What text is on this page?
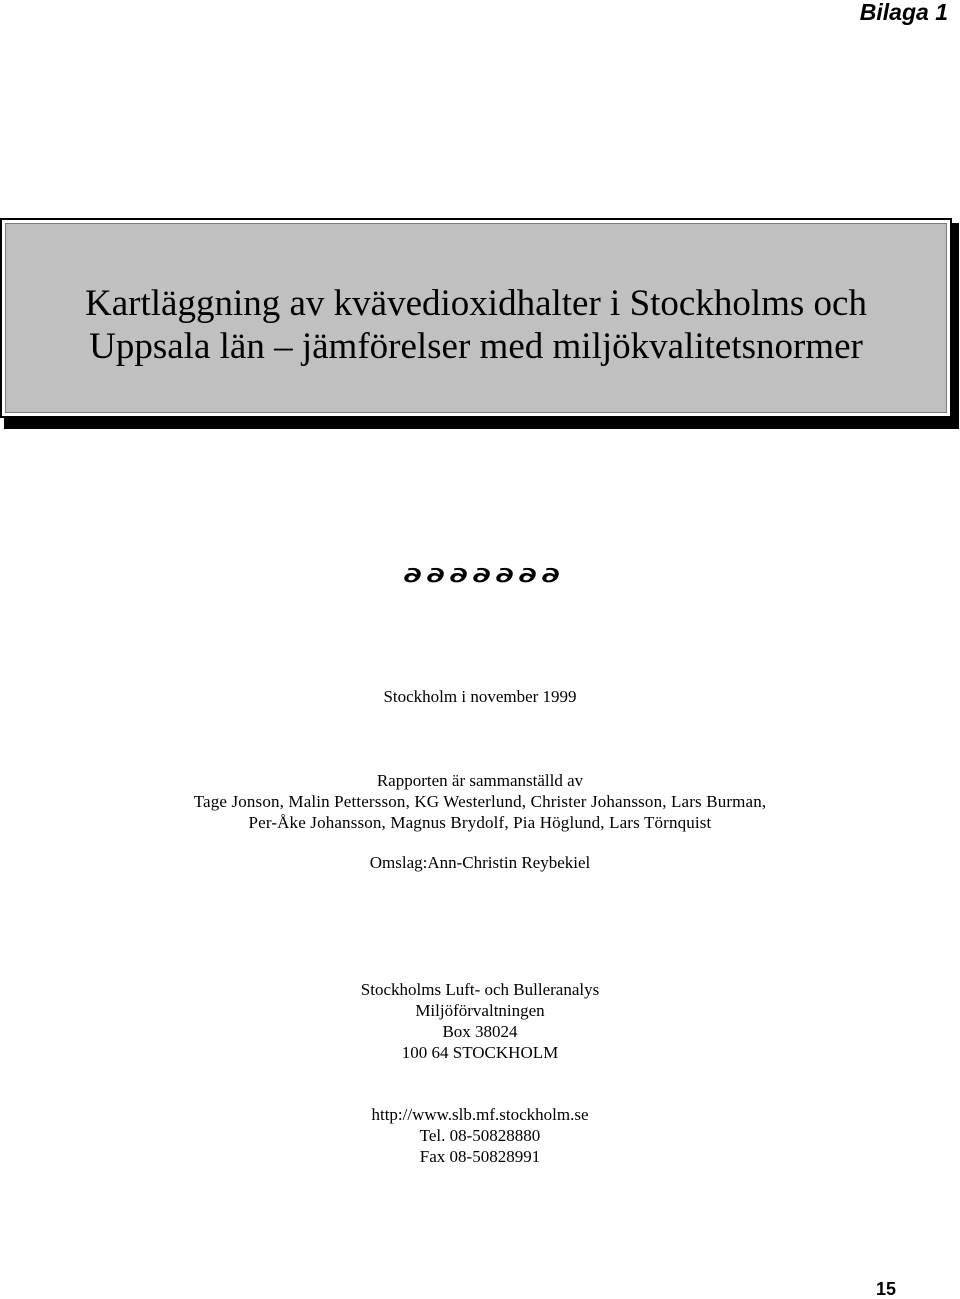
Bilaga 1
Kartläggning av kvävedioxidhalter i Stockholms och
Uppsala län – jämförelser med miljökvalitetsnormer
∂ ∂ ∂ ∂ ∂ ∂ ∂
Stockholm i november 1999
Rapporten är sammanställd av
Tage Jonson, Malin Pettersson, KG Westerlund, Christer Johansson, Lars Burman,
Per-Åke Johansson, Magnus Brydolf, Pia Höglund, Lars Törnquist
Omslag:Ann-Christin Reybekiel
Stockholms Luft- och Bulleranalys
Miljöförvaltningen
Box 38024
100 64 STOCKHOLM
http://www.slb.mf.stockholm.se
Tel. 08-50828880
Fax 08-50828991
15
